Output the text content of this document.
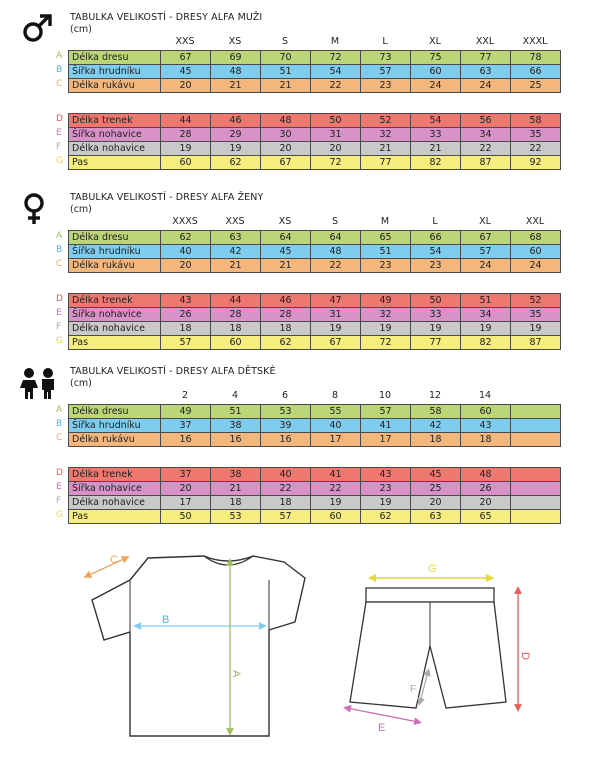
TABULKA VELIKOSTÍ - DRESY ALFA MUŽI
(cm)
XXS	XS	S	M	L	XL	XXL	XXXL
A
B
C
Délka dresu	67	69	70	72	73	75	77	78
Šířka hrudníku	45	48	51	54	57	60	63	66
Délka rukávu	20	21	21	22	23	24	24	25
D
E
F
G
Délka trenek	44	46	48	50	52	54	56	58
Šířka nohavice	28	29	30	31	32	33	34	35
Délka nohavice	19	19	20	20	21	21	22	22
Pas	60	62	67	72	77	82	87	92
TABULKA VELIKOSTÍ - DRESY ALFA ŽENY
(cm)
XXXS	XXS	XS	S	M	L	XL	XXL
A
B
C
Délka dresu	62	63	64	64	65	66	67	68
Šířka hrudníku	40	42	45	48	51	54	57	60
Délka rukávu	20	21	21	22	23	23	24	24
D
E
F
G
Délka trenek	43	44	46	47	49	50	51	52
Šířka nohavice	26	28	28	31	32	33	34	35
Délka nohavice	18	18	18	19	19	19	19	19
Pas	57	60	62	67	72	77	82	87
TABULKA VELIKOSTÍ - DRESY ALFA DĚTSKÉ
(cm)
2	4	6	8	10	12	14
A
B
C
Délka dresu	49	51	53	55	57	58	60	
Šířka hrudníku	37	38	39	40	41	42	43	
Délka rukávu	16	16	16	17	17	18	18	
D
E
F
G
Délka trenek	37	38	40	41	43	45	48	
Šířka nohavice	20	21	22	22	23	25	26	
Délka nohavice	17	18	18	19	19	20	20	
Pas	50	53	57	60	62	63	65	
C
B
A
G
D
E
F
